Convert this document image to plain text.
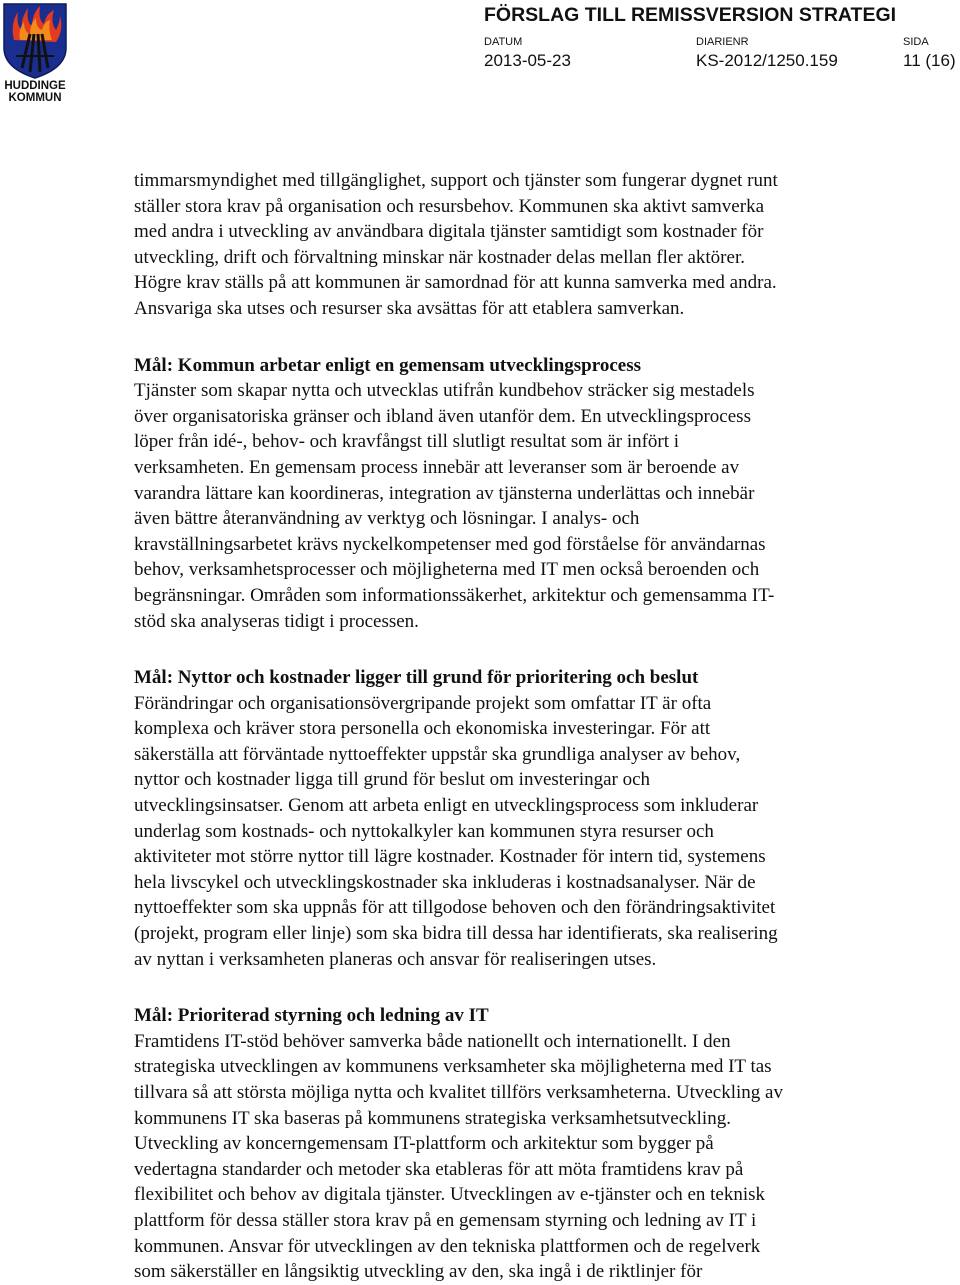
HUDDINGE
KOMMUN
FÖRSLAG TILL REMISSVERSION STRATEGI
DATUM
2013-05-23
DIARIENR
KS-2012/1250.159
SIDA
11 (16)
timmarsmyndighet med tillgänglighet, support och tjänster som fungerar dygnet runt
ställer stora krav på organisation och resursbehov. Kommunen ska aktivt samverka
med andra i utveckling av användbara digitala tjänster samtidigt som kostnader för
utveckling, drift och förvaltning minskar när kostnader delas mellan fler aktörer.
Högre krav ställs på att kommunen är samordnad för att kunna samverka med andra.
Ansvariga ska utses och resurser ska avsättas för att etablera samverkan.
Mål: Kommun arbetar enligt en gemensam utvecklingsprocess
Tjänster som skapar nytta och utvecklas utifrån kundbehov sträcker sig mestadels
över organisatoriska gränser och ibland även utanför dem. En utvecklingsprocess
löper från idé-, behov- och kravfångst till slutligt resultat som är infört i
verksamheten. En gemensam process innebär att leveranser som är beroende av
varandra lättare kan koordineras, integration av tjänsterna underlättas och innebär
även bättre återanvändning av verktyg och lösningar. I analys- och
kravställningsarbetet krävs nyckelkompetenser med god förståelse för användarnas
behov, verksamhetsprocesser och möjligheterna med IT men också beroenden och
begränsningar. Områden som informationssäkerhet, arkitektur och gemensamma IT-
stöd ska analyseras tidigt i processen.
Mål: Nyttor och kostnader ligger till grund för prioritering och beslut
Förändringar och organisationsövergripande projekt som omfattar IT är ofta
komplexa och kräver stora personella och ekonomiska investeringar. För att
säkerställa att förväntade nyttoeffekter uppstår ska grundliga analyser av behov,
nyttor och kostnader ligga till grund för beslut om investeringar och
utvecklingsinsatser. Genom att arbeta enligt en utvecklingsprocess som inkluderar
underlag som kostnads- och nyttokalkyler kan kommunen styra resurser och
aktiviteter mot större nyttor till lägre kostnader. Kostnader för intern tid, systemens
hela livscykel och utvecklingskostnader ska inkluderas i kostnadsanalyser. När de
nyttoeffekter som ska uppnås för att tillgodose behoven och den förändringsaktivitet
(projekt, program eller linje) som ska bidra till dessa har identifierats, ska realisering
av nyttan i verksamheten planeras och ansvar för realiseringen utses.
Mål: Prioriterad styrning och ledning av IT
Framtidens IT-stöd behöver samverka både nationellt och internationellt. I den
strategiska utvecklingen av kommunens verksamheter ska möjligheterna med IT tas
tillvara så att största möjliga nytta och kvalitet tillförs verksamheterna. Utveckling av
kommunens IT ska baseras på kommunens strategiska verksamhetsutveckling.
Utveckling av koncerngemensam IT-plattform och arkitektur som bygger på
vedertagna standarder och metoder ska etableras för att möta framtidens krav på
flexibilitet och behov av digitala tjänster. Utvecklingen av e-tjänster och en teknisk
plattform för dessa ställer stora krav på en gemensam styrning och ledning av IT i
kommunen. Ansvar för utvecklingen av den tekniska plattformen och de regelverk
som säkerställer en långsiktig utveckling av den, ska ingå i de riktlinjer för
